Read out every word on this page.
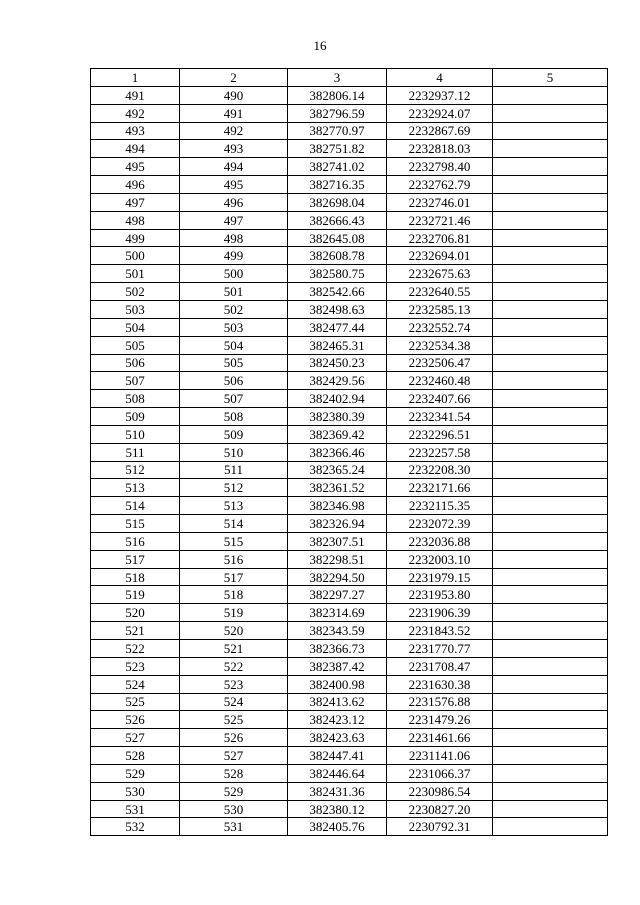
16
1	2	3	4	5
491	490	382806.14	2232937.12	
492	491	382796.59	2232924.07	
493	492	382770.97	2232867.69	
494	493	382751.82	2232818.03	
495	494	382741.02	2232798.40	
496	495	382716.35	2232762.79	
497	496	382698.04	2232746.01	
498	497	382666.43	2232721.46	
499	498	382645.08	2232706.81	
500	499	382608.78	2232694.01	
501	500	382580.75	2232675.63	
502	501	382542.66	2232640.55	
503	502	382498.63	2232585.13	
504	503	382477.44	2232552.74	
505	504	382465.31	2232534.38	
506	505	382450.23	2232506.47	
507	506	382429.56	2232460.48	
508	507	382402.94	2232407.66	
509	508	382380.39	2232341.54	
510	509	382369.42	2232296.51	
511	510	382366.46	2232257.58	
512	511	382365.24	2232208.30	
513	512	382361.52	2232171.66	
514	513	382346.98	2232115.35	
515	514	382326.94	2232072.39	
516	515	382307.51	2232036.88	
517	516	382298.51	2232003.10	
518	517	382294.50	2231979.15	
519	518	382297.27	2231953.80	
520	519	382314.69	2231906.39	
521	520	382343.59	2231843.52	
522	521	382366.73	2231770.77	
523	522	382387.42	2231708.47	
524	523	382400.98	2231630.38	
525	524	382413.62	2231576.88	
526	525	382423.12	2231479.26	
527	526	382423.63	2231461.66	
528	527	382447.41	2231141.06	
529	528	382446.64	2231066.37	
530	529	382431.36	2230986.54	
531	530	382380.12	2230827.20	
532	531	382405.76	2230792.31	
